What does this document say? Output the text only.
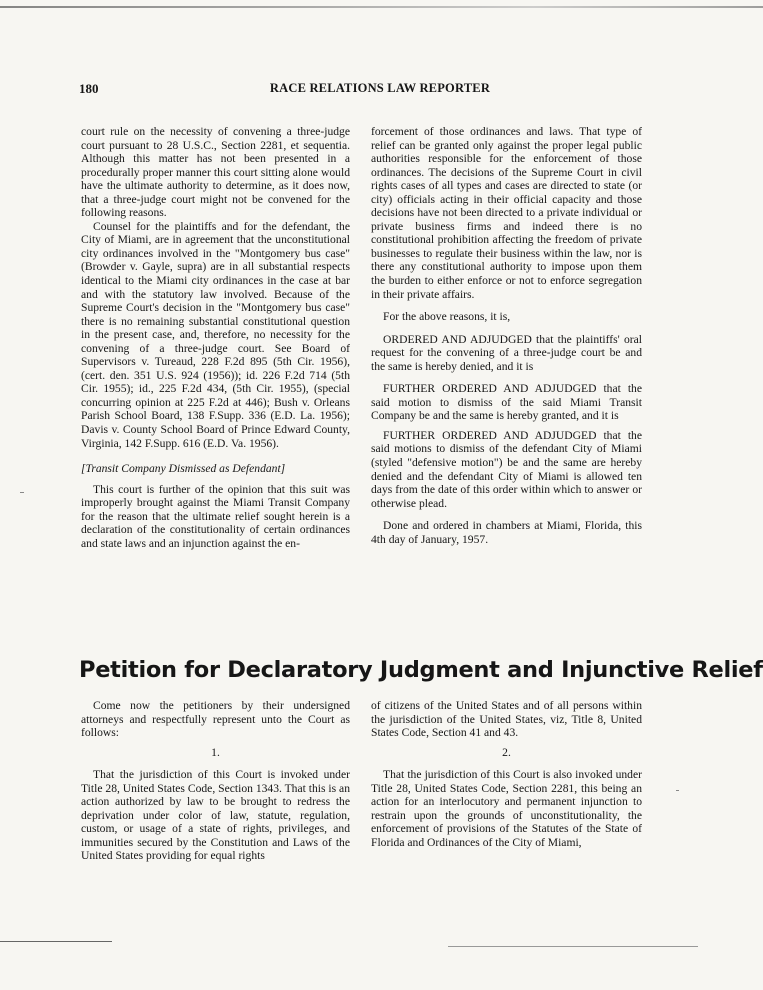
180	RACE RELATIONS LAW REPORTER

court rule on the necessity of convening a three-judge court pursuant to 28 U.S.C., Section 2281, et sequentia. Although this matter has not been presented in a procedurally proper manner this court sitting alone would have the ultimate authority to determine, as it does now, that a three-judge court might not be convened for the following reasons.

Counsel for the plaintiffs and for the defendant, the City of Miami, are in agreement that the unconstitutional city ordinances involved in the "Montgomery bus case" (Browder v. Gayle, supra) are in all substantial respects identical to the Miami city ordinances in the case at bar and with the statutory law involved. Because of the Supreme Court's decision in the "Montgomery bus case" there is no remaining substantial constitutional question in the present case, and, therefore, no necessity for the convening of a three-judge court. See Board of Supervisors v. Tureaud, 228 F.2d 895 (5th Cir. 1956), (cert. den. 351 U.S. 924 (1956)); id. 226 F.2d 714 (5th Cir. 1955); id., 225 F.2d 434, (5th Cir. 1955), (special concurring opinion at 225 F.2d at 446); Bush v. Orleans Parish School Board, 138 F.Supp. 336 (E.D. La. 1956); Davis v. County School Board of Prince Edward County, Virginia, 142 F.Supp. 616 (E.D. Va. 1956).

[Transit Company Dismissed as Defendant]

This court is further of the opinion that this suit was improperly brought against the Miami Transit Company for the reason that the ultimate relief sought herein is a declaration of the constitutionality of certain ordinances and state laws and an injunction against the en-

forcement of those ordinances and laws. That type of relief can be granted only against the proper legal public authorities responsible for the enforcement of those ordinances. The decisions of the Supreme Court in civil rights cases of all types and cases are directed to state (or city) officials acting in their official capacity and those decisions have not been directed to a private individual or private business firms and indeed there is no constitutional prohibition affecting the freedom of private businesses to regulate their business within the law, nor is there any constitutional authority to impose upon them the burden to either enforce or not to enforce segregation in their private affairs.

For the above reasons, it is,

ORDERED AND ADJUDGED that the plaintiffs' oral request for the convening of a three-judge court be and the same is hereby denied, and it is

FURTHER ORDERED AND ADJUDGED that the said motion to dismiss of the said Miami Transit Company be and the same is hereby granted, and it is

FURTHER ORDERED AND ADJUDGED that the said motions to dismiss of the defendant City of Miami (styled "defensive motion") be and the same are hereby denied and the defendant City of Miami is allowed ten days from the date of this order within which to answer or otherwise plead.

Done and ordered in chambers at Miami, Florida, this 4th day of January, 1957.

Petition for Declaratory Judgment and Injunctive Relief

Come now the petitioners by their undersigned attorneys and respectfully represent unto the Court as follows:

1.

That the jurisdiction of this Court is invoked under Title 28, United States Code, Section 1343. That this is an action authorized by law to be brought to redress the deprivation under color of law, statute, regulation, custom, or usage of a state of rights, privileges, and immunities secured by the Constitution and Laws of the United States providing for equal rights

of citizens of the United States and of all persons within the jurisdiction of the United States, viz, Title 8, United States Code, Section 41 and 43.

2.

That the jurisdiction of this Court is also invoked under Title 28, United States Code, Section 2281, this being an action for an interlocutory and permanent injunction to restrain upon the grounds of unconstitutionality, the enforcement of provisions of the Statutes of the State of Florida and Ordinances of the City of Miami,
